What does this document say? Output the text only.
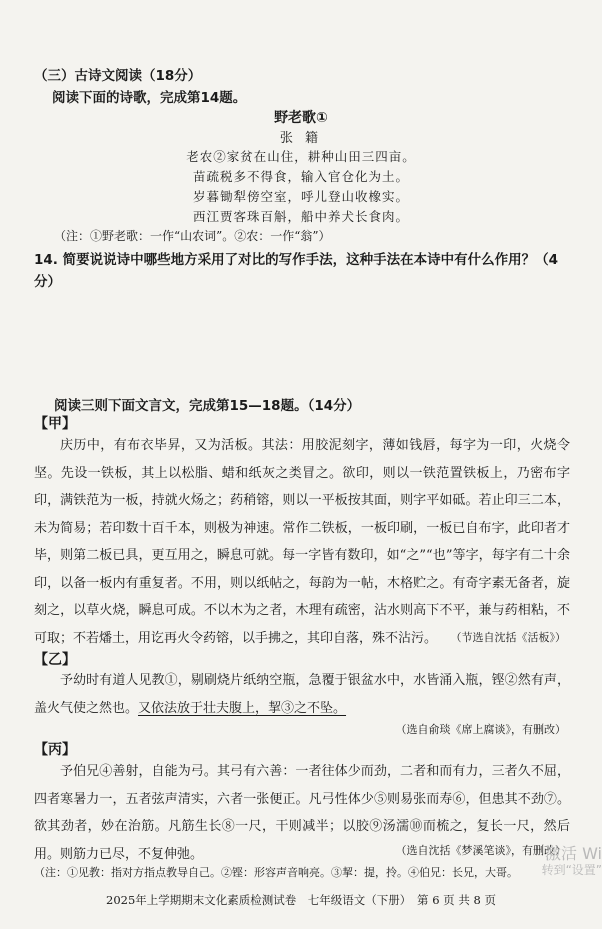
（三）古诗文阅读（18分）
阅读下面的诗歌，完成第14题。
野老歌①
张 籍
老农②家贫在山住，耕种山田三四亩。
苗疏税多不得食，输入官仓化为土。
岁暮锄犁傍空室，呼儿登山收橡实。
西江贾客珠百斛，船中养犬长食肉。
（注：①野老歌：一作“山农词”。②农：一作“翁”）
14. 简要说说诗中哪些地方采用了对比的写作手法，这种手法在本诗中有什么作用？（4分）
阅读三则下面文言文，完成第15—18题。（14分）
【甲】
庆历中，有布衣毕昇，又为活板。其法：用胶泥刻字，薄如钱唇，每字为一印，火烧令坚。先设一铁板，其上以松脂、蜡和纸灰之类冒之。欲印，则以一铁范置铁板上，乃密布字印，满铁范为一板，持就火炀之；药稍镕，则以一平板按其面，则字平如砥。若止印三二本，未为简易；若印数十百千本，则极为神速。常作二铁板，一板印刷，一板已自布字，此印者才毕，则第二板已具，更互用之，瞬息可就。每一字皆有数印，如“之”“也”等字，每字有二十余印，以备一板内有重复者。不用，则以纸帖之，每韵为一帖，木格贮之。有奇字素无备者，旋刻之，以草火烧，瞬息可成。不以木为之者，木理有疏密，沾水则高下不平，兼与药相粘，不可取；不若燔土，用讫再火令药镕，以手拂之，其印自落，殊不沾污。	（节选自沈括《活板》）
【乙】
予幼时有道人见教①，剔刷烧片纸纳空瓶，急覆于银盆水中，水皆涌入瓶，铿②然有声，盖火气使之然也。又依法放于壮夫腹上，挈③之不坠。
（选自俞琰《席上腐谈》，有删改）
【丙】
予伯兄④善射，自能为弓。其弓有六善：一者往体少而劲，二者和而有力，三者久不屈，四者寒暑力一，五者弦声清实，六者一张便正。凡弓性体少⑤则易张而寿⑥，但患其不劲⑦。欲其劲者，妙在治筋。凡筋生长⑧一尺，干则减半；以胶⑨汤濡⑩而梳之，复长一尺，然后用。则筋力已尽，不复伸弛。	（选自沈括《梦溪笔谈》，有删改）
（注：①见教：指对方指点教导自己。②铿：形容声音响亮。③挈：提，拎。④伯兄：长兄，大哥。
2025年上学期期末文化素质检测试卷　七年级语文（下册）　第 6 页 共 8 页
激活 Wi
转到“设置”
